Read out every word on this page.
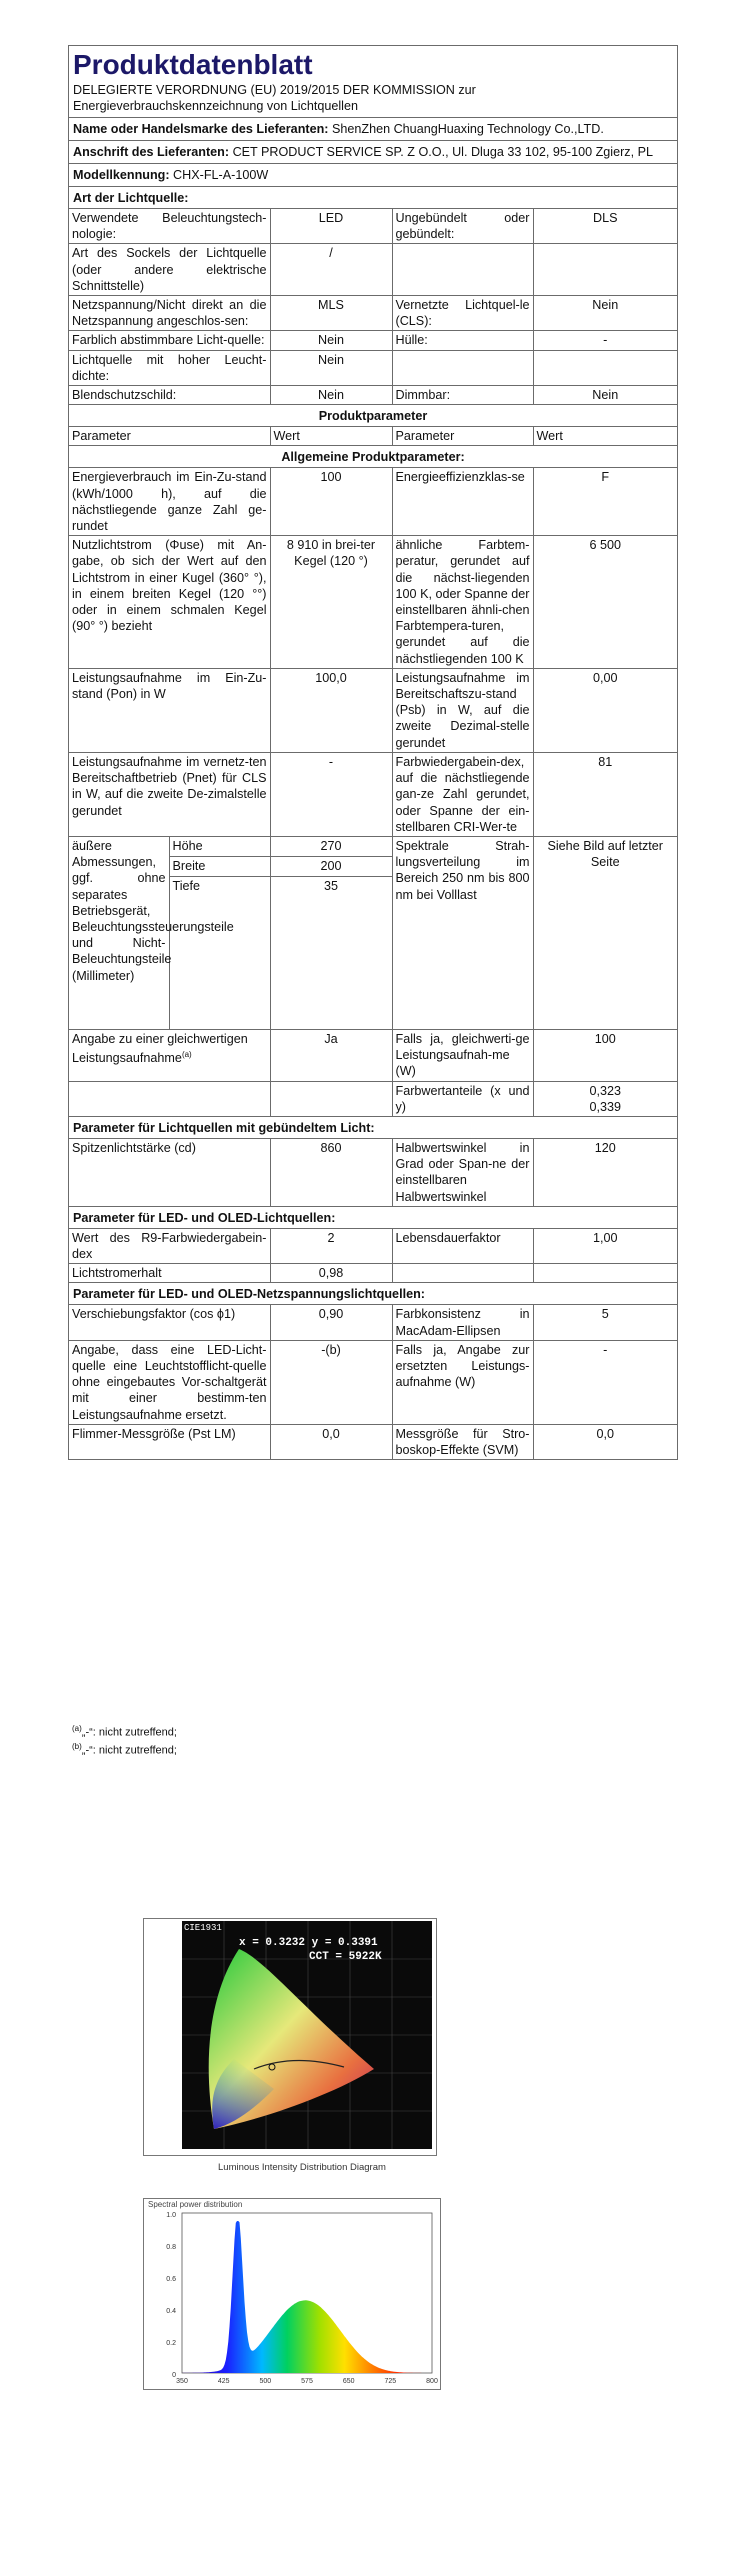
Produktdatenblatt
DELEGIERTE VERORDNUNG (EU) 2019/2015 DER KOMMISSION zur
Energieverbrauchskennzeichnung von Lichtquellen
Name oder Handelsmarke des Lieferanten: ShenZhen ChuangHuaxing Technology Co.,LTD.
Anschrift des Lieferanten: CET PRODUCT SERVICE SP. Z O.O., Ul. Dluga 33 102, 95-100 Zgierz, PL
Modellkennung: CHX-FL-A-100W
Art der Lichtquelle:
Verwendete Beleuchtungstech-nologie:	LED	Ungebündelt oder gebündelt:	DLS
Art des Sockels der Lichtquelle (oder andere elektrische Schnittstelle)	/		
Netzspannung/Nicht direkt an die Netzspannung angeschlos-sen:	MLS	Vernetzte Lichtquel-le (CLS):	Nein
Farblich abstimmbare Licht-quelle:	Nein	Hülle:	-
Lichtquelle mit hoher Leucht-dichte:	Nein		
Blendschutzschild:	Nein	Dimmbar:	Nein
Produktparameter
Parameter	Wert	Parameter	Wert
Allgemeine Produktparameter:
Energieverbrauch im Ein-Zu-stand (kWh/1000 h), auf die nächstliegende ganze Zahl ge-rundet	100	Energieeffizienzklas-se	F
Nutzlichtstrom (Φuse) mit An-gabe, ob sich der Wert auf den Lichtstrom in einer Kugel (360° °), in einem breiten Kegel (120 °°) oder in einem schmalen Kegel (90° °) bezieht	8 910 in brei-ter Kegel (120 °)	ähnliche Farbtem-peratur, gerundet auf die nächst-liegenden 100 K, oder Spanne der einstellbaren ähnli-chen Farbtempera-turen, gerundet auf die nächstliegenden 100 K	6 500
Leistungsaufnahme im Ein-Zu-stand (Pon) in W	100,0	Leistungsaufnahme im Bereitschaftszu-stand (Psb) in W, auf die zweite Dezimal-stelle gerundet	0,00
Leistungsaufnahme im vernetz-ten Bereitschaftbetrieb (Pnet) für CLS in W, auf die zweite De-zimalstelle gerundet	-	Farbwiedergabein-dex, auf die nächstliegende gan-ze Zahl gerundet, oder Spanne der ein-stellbaren CRI-Wer-te	81
äußere Abmessungen, ggf. ohne separates Betriebsgerät, Beleuchtungssteuerungsteile und Nicht-Beleuchtungsteile (Millimeter)	Höhe	270	Spektrale Strah-lungsverteilung im Bereich 250 nm bis 800 nm bei Volllast	Siehe Bild auf letzter Seite
	Breite	200		
	Tiefe	35		
Angabe zu einer gleichwertigen Leistungsaufnahme$^{(a)}$	Ja	Falls ja, gleichwerti-ge Leistungsaufnah-me (W)	100
		Farbwertanteile (x und y)	0,323
0,339
Parameter für Lichtquellen mit gebündeltem Licht:
Spitzenlichtstärke (cd)	860	Halbwertswinkel in Grad oder Span-ne der einstellbaren Halbwertswinkel	120
Parameter für LED- und OLED-Lichtquellen:
Wert des R9-Farbwiedergabein-dex	2	Lebensdauerfaktor	1,00
Lichtstromerhalt	0,98		
Parameter für LED- und OLED-Netzspannungslichtquellen:
Verschiebungsfaktor (cos ϕ1)	0,90	Farbkonsistenz in MacAdam-Ellipsen	5
Angabe, dass eine LED-Licht-quelle eine Leuchtstofflicht-quelle ohne eingebautes Vor-schaltgerät mit einer bestimm-ten Leistungsaufnahme ersetzt.	-(b)	Falls ja, Angabe zur ersetzten Leistungs-aufnahme (W)	-
Flimmer-Messgröße (Pst LM)	0,0	Messgröße für Stro-boskop-Effekte (SVM)	0,0
$^{(a)}$„-“: nicht zutreffend;
$^{(b)}$„-“: nicht zutreffend;
CIE1931
x = 0.3232 y = 0.3391
CCT = 5922K
Luminous Intensity Distribution Diagram
Spectral power distribution
1.0
0.8
0.6
0.4
0.2
0
350	425	500	575	650	725	800
